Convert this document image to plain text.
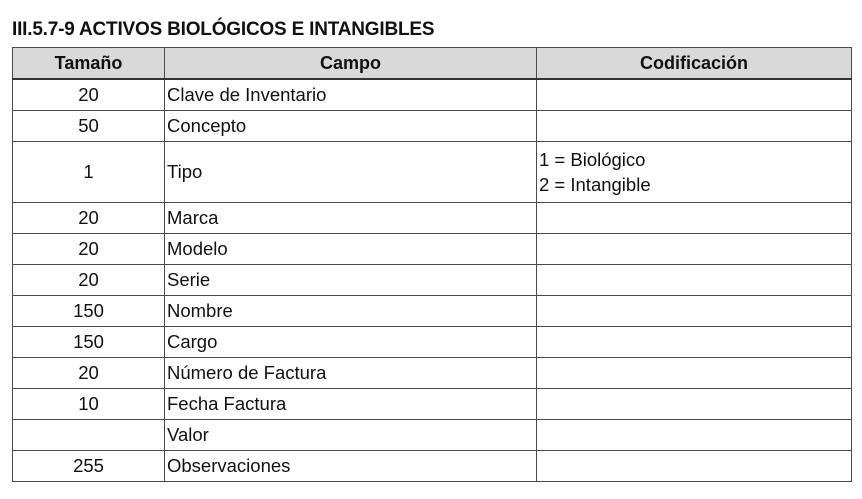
III.5.7-9 ACTIVOS BIOLÓGICOS E INTANGIBLES
Tamaño	Campo	Codificación
20	Clave de Inventario	
50	Concepto	
1	Tipo	1 = Biológico
2 = Intangible

20	Marca	
20	Modelo	
20	Serie	
150	Nombre	
150	Cargo	
20	Número de Factura	
10	Fecha Factura	
	Valor	
255	Observaciones	
